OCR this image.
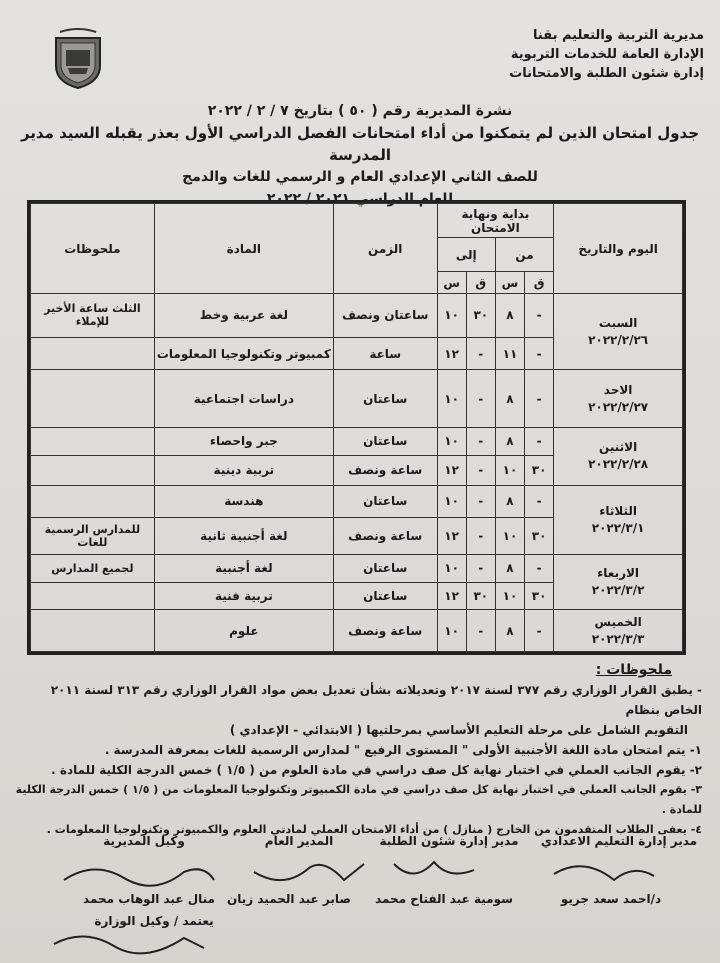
مديرية التربية والتعليم بقنا
الإدارة العامة للخدمات التربوية
إدارة شئون الطلبة والامتحانات
نشرة المديرية رقم ( ٥٠ ) بتاريخ ٧ / ٢ / ٢٠٢٢
جدول امتحان الذين لم يتمكنوا من أداء امتحانات الفصل الدراسي الأول بعذر يقبله السيد مدير المدرسة
للصف الثاني الإعدادي العام و الرسمي للغات والدمج
للعام الدراسي ٢٠٢١ / ٢٠٢٢
اليوم والتاريخ	بداية ونهاية الامتحان				الزمن	المادة	ملحوظات
	من		إلى				
	ق	س	ق	س			

السبت
٢٠٢٢/٢/٢٦	-	٨	٣٠	١٠	ساعتان ونصف	لغة عربية وخط	الثلث ساعة الأخير للإملاء
	-	١١	-	١٢	ساعة	كمبيوتر وتكنولوجيا المعلومات	

الاحد
٢٠٢٢/٢/٢٧	-	٨	-	١٠	ساعتان	دراسات اجتماعية	

الاثنين
٢٠٢٢/٢/٢٨	-	٨	-	١٠	ساعتان	جبر واحصاء	
	٣٠	١٠	-	١٢	ساعة ونصف	تربية دينية	

الثلاثاء
٢٠٢٢/٣/١	-	٨	-	١٠	ساعتان	هندسة	
	٣٠	١٠	-	١٢	ساعة ونصف	لغة أجنبية ثانية	للمدارس الرسمية للغات

الاربعاء
٢٠٢٢/٣/٢	-	٨	-	١٠	ساعتان	لغة أجنبية	لجميع المدارس
	٣٠	١٠	٣٠	١٢	ساعتان	تربية فنية	

الخميس
٢٠٢٢/٣/٣	-	٨	-	١٠	ساعة ونصف	علوم	
ملحوظات :

- يطبق القرار الوزاري رقم ٣٧٧ لسنة ٢٠١٧ وتعديلاته بشأن تعديل بعض مواد القرار الوزاري رقم ٣١٣ لسنة ٢٠١١ الخاص بنظام

التقويم الشامل على مرحلة التعليم الأساسي بمرحلتيها ( الابتدائي - الإعدادي )

١- يتم امتحان مادة اللغة الأجنبية الأولى " المستوى الرفيع " لمدارس الرسمية للغات بمعرفة المدرسة .

٢- يقوم الجانب العملي في اختبار نهاية كل صف دراسي في مادة العلوم من ( ١/٥ ) خمس الدرجة الكلية للمادة .

٣- يقوم الجانب العملي في اختبار نهاية كل صف دراسي في مادة الكمبيوتر وتكنولوجيا المعلومات من ( ١/٥ ) خمس الدرجة الكلية للمادة .

٤- يعفى الطلاب المتقدمون من الخارج ( منازل ) من أداء الامتحان العملي لمادتي العلوم والكمبيوتر وتكنولوجيا المعلومات .

وكيل المديرية	المدير العام	مدير إدارة شئون الطلبة	مدير إدارة التعليم الاعدادي
منال عبد الوهاب محمد	صابر عبد الحميد زيان	سومية عبد الفتاح محمد	د/احمد سعد جريو
يعتمد / وكيل الوزارة
